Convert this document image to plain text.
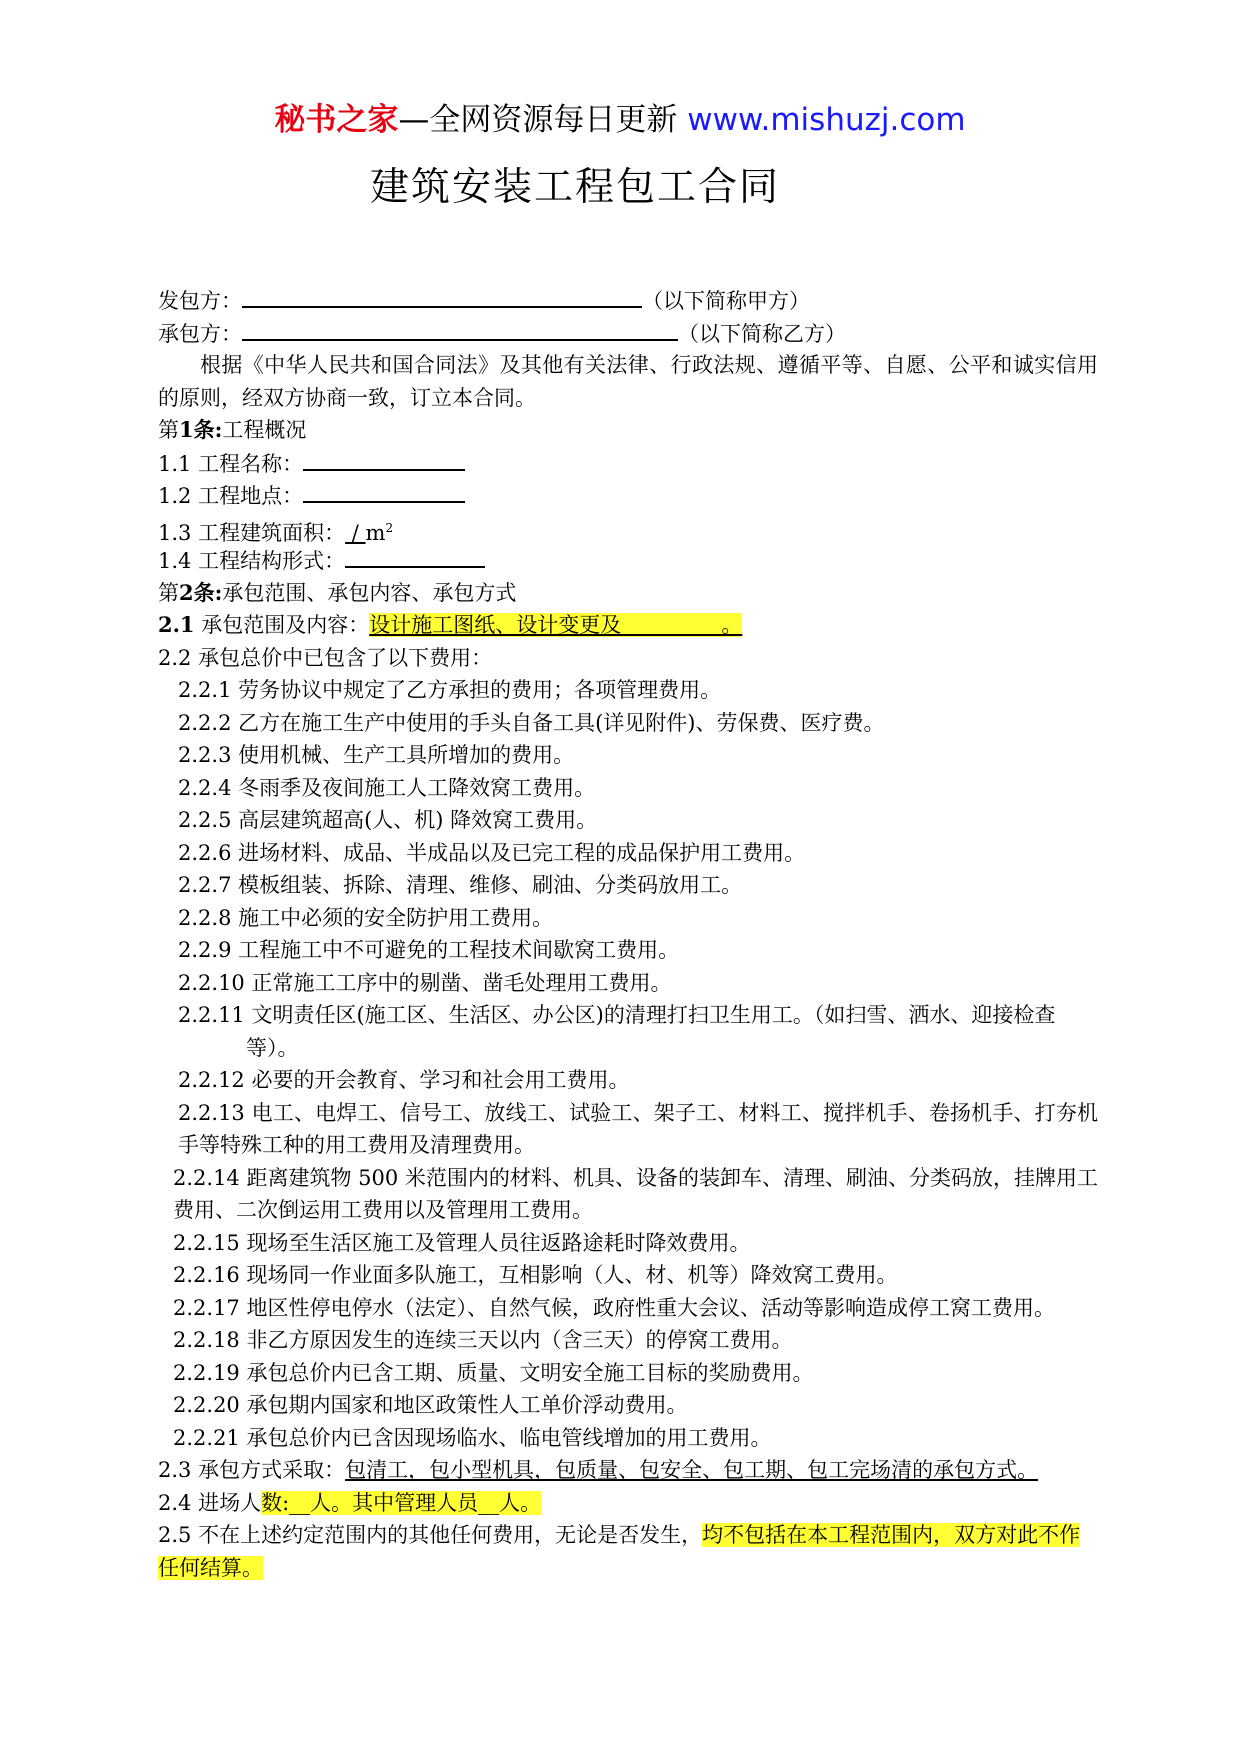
秘书之家—全网资源每日更新 www.mishuzj.com
建筑安装工程包工合同
发包方：	（以下简称甲方）
承包方：	（以下简称乙方）
根据《中华人民共和国合同法》及其他有关法律、行政法规、遵循平等、自愿、公平和诚实信用的原则，经双方协商一致，订立本合同。
第1条:工程概况
1.1 工程名称：
1.2 工程地点：
1.3 工程建筑面积： / $m^2$
1.4 工程结构形式：
第2条:承包范围、承包内容、承包方式
2.1 承包范围及内容：设计施工图纸、设计变更及               。
2.2 承包总价中已包含了以下费用：
2.2.1 劳务协议中规定了乙方承担的费用；各项管理费用。
2.2.2 乙方在施工生产中使用的手头自备工具(详见附件)、劳保费、医疗费。
2.2.3 使用机械、生产工具所增加的费用。
2.2.4 冬雨季及夜间施工人工降效窝工费用。
2.2.5 高层建筑超高(人、机) 降效窝工费用。
2.2.6 进场材料、成品、半成品以及已完工程的成品保护用工费用。
2.2.7 模板组装、拆除、清理、维修、刷油、分类码放用工。
2.2.8 施工中必须的安全防护用工费用。
2.2.9 工程施工中不可避免的工程技术间歇窝工费用。
2.2.10 正常施工工序中的剔凿、凿毛处理用工费用。
2.2.11 文明责任区(施工区、生活区、办公区)的清理打扫卫生用工。（如扫雪、洒水、迎接检查
等）。
2.2.12 必要的开会教育、学习和社会用工费用。
2.2.13 电工、电焊工、信号工、放线工、试验工、架子工、材料工、搅拌机手、卷扬机手、打夯机手等特殊工种的用工费用及清理费用。
2.2.14 距离建筑物 500 米范围内的材料、机具、设备的装卸车、清理、刷油、分类码放，挂牌用工费用、二次倒运用工费用以及管理用工费用。
2.2.15 现场至生活区施工及管理人员往返路途耗时降效费用。
2.2.16 现场同一作业面多队施工，互相影响（人、材、机等）降效窝工费用。
2.2.17 地区性停电停水（法定）、自然气候，政府性重大会议、活动等影响造成停工窝工费用。
2.2.18 非乙方原因发生的连续三天以内（含三天）的停窝工费用。
2.2.19 承包总价内已含工期、质量、文明安全施工目标的奖励费用。
2.2.20 承包期内国家和地区政策性人工单价浮动费用。
2.2.21 承包总价内已含因现场临水、临电管线增加的用工费用。
2.3 承包方式采取：包清工，包小型机具，包质量、包安全、包工期、包工完场清的承包方式。
2.4 进场人数:__人。其中管理人员__人。
2.5 不在上述约定范围内的其他任何费用，无论是否发生，均不包括在本工程范围内，双方对此不作任何结算。
